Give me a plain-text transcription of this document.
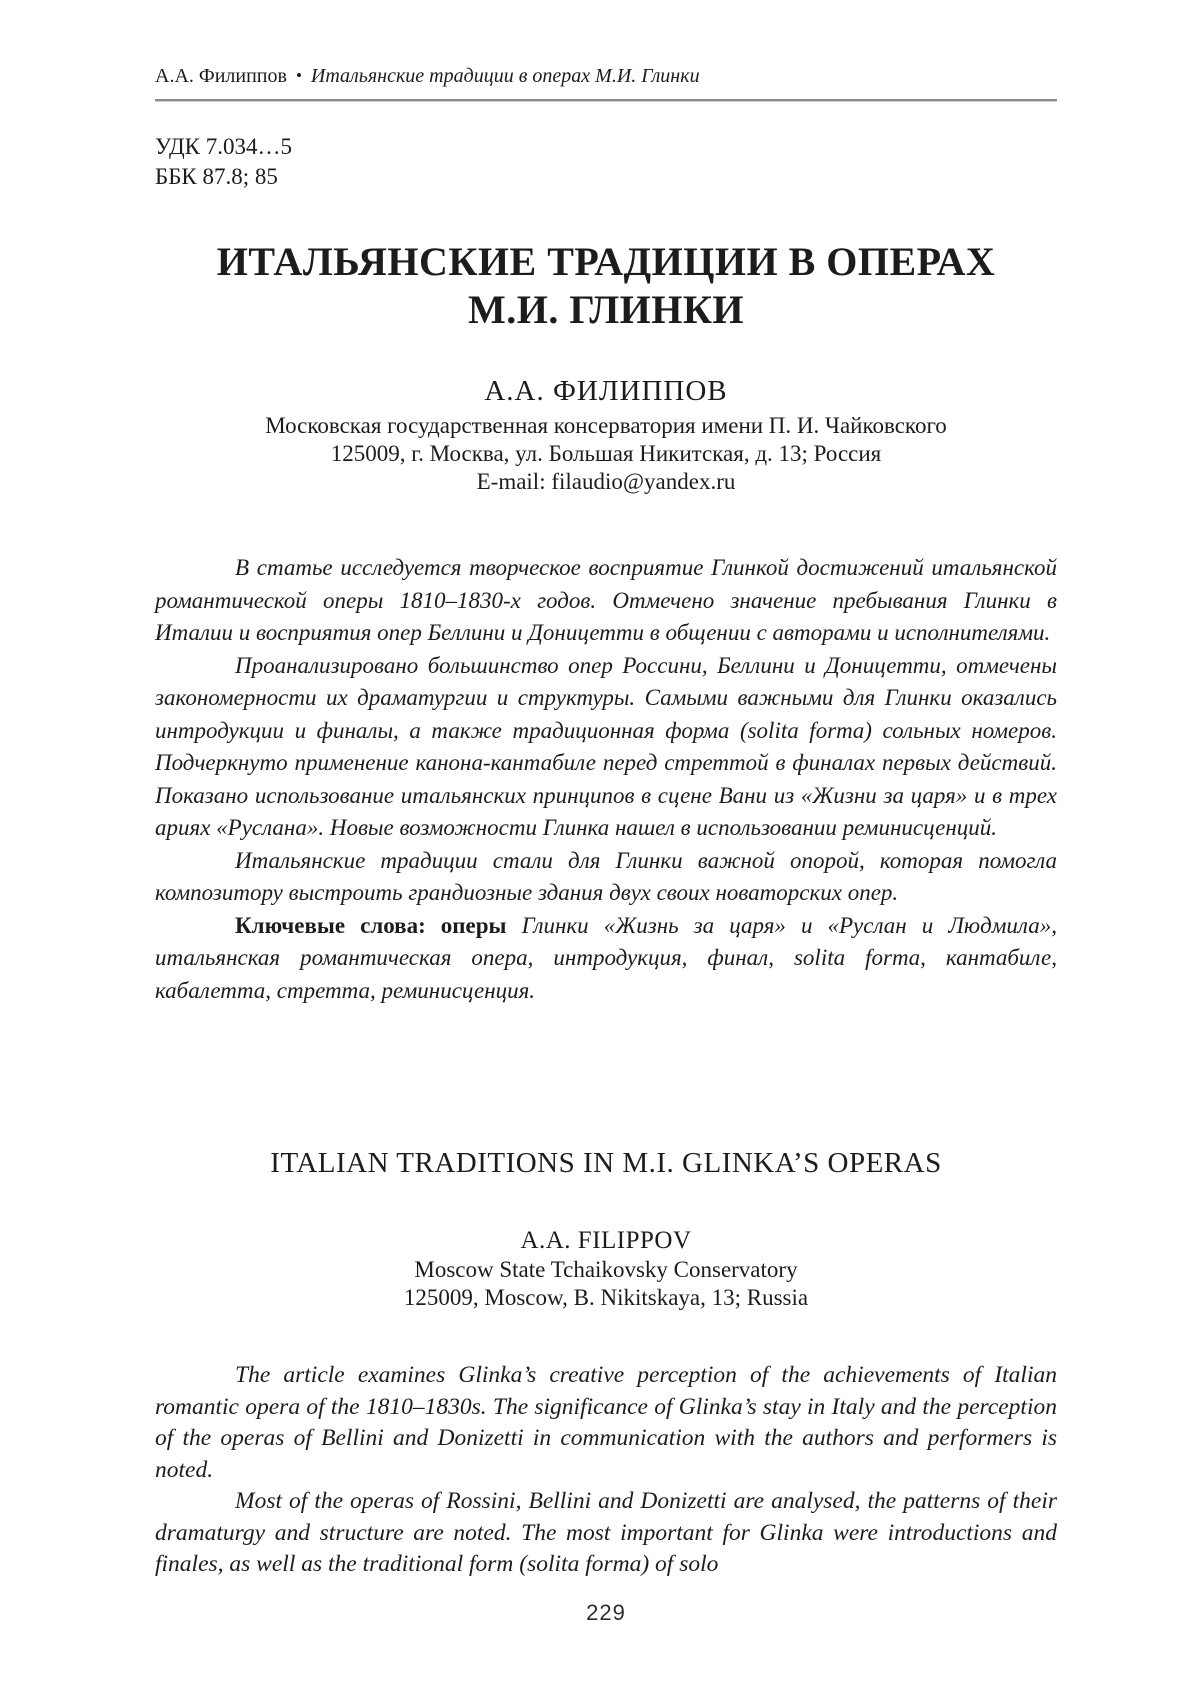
А.А. Филиппов • Итальянские традиции в операх М.И. Глинки
УДК 7.034…5
ББК 87.8; 85
ИТАЛЬЯНСКИЕ ТРАДИЦИИ В ОПЕРАХ
М.И. ГЛИНКИ
А.А. ФИЛИППОВ
Московская государственная консерватория имени П. И. Чайковского
125009, г. Москва, ул. Большая Никитская, д. 13; Россия
E-mail: filaudio@yandex.ru

В статье исследуется творческое восприятие Глинкой достижений итальянской романтической оперы 1810–1830-х годов. Отмечено значение пребывания Глинки в Италии и восприятия опер Беллини и Доницетти в общении с авторами и исполнителями.

Проанализировано большинство опер Россини, Беллини и Доницетти, отмечены закономерности их драматургии и структуры. Самыми важными для Глинки оказались интродукции и финалы, а также традиционная форма (solita forma) сольных номеров. Подчеркнуто применение канона-кантабиле перед стреттой в финалах первых действий. Показано использование итальянских принципов в сцене Вани из «Жизни за царя» и в трех ариях «Руслана». Новые возможности Глинка нашел в использовании реминисценций.

Итальянские традиции стали для Глинки важной опорой, которая помогла композитору выстроить грандиозные здания двух своих новаторских опер.

Ключевые слова: оперы Глинки «Жизнь за царя» и «Руслан и Людмила», итальянская романтическая опера, интродукция, финал, solita forma, кантабиле, кабалетта, стретта, реминисценция.

ITALIAN TRADITIONS IN M.I. GLINKA’S OPERAS
A.A. FILIPPOV
Moscow State Tchaikovsky Conservatory
125009, Moscow, B. Nikitskaya, 13; Russia

The article examines Glinka’s creative perception of the achievements of Italian romantic opera of the 1810–1830s. The significance of Glinka’s stay in Italy and the perception of the operas of Bellini and Donizetti in communication with the authors and performers is noted.

Most of the operas of Rossini, Bellini and Donizetti are analysed, the patterns of their dramaturgy and structure are noted. The most important for Glinka were introductions and finales, as well as the traditional form (solita forma) of solo

229
